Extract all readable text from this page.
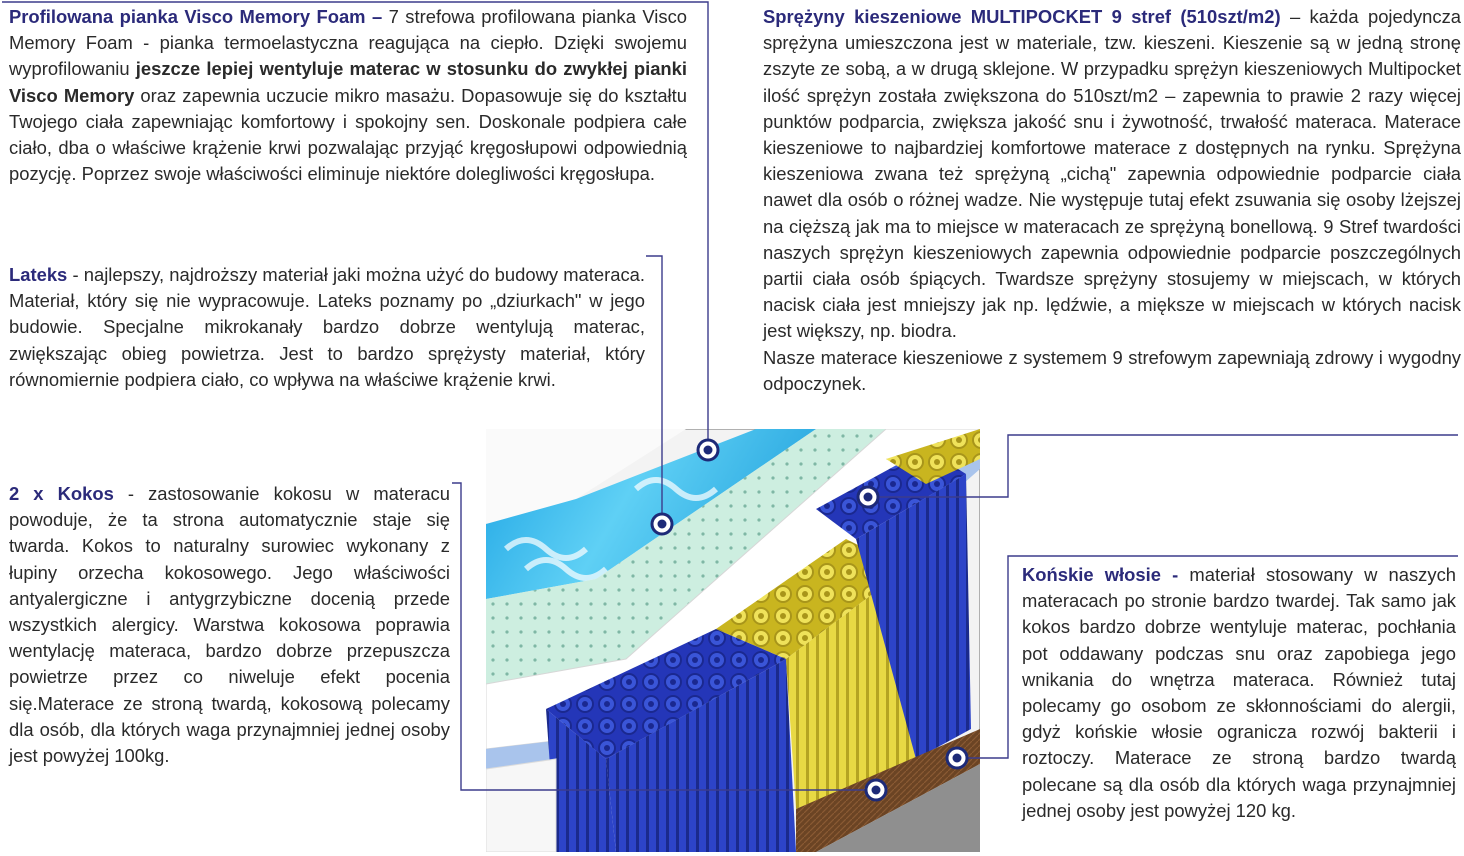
Profilowana pianka Visco Memory Foam – 7 strefowa profilowana pianka Visco Memory Foam - pianka termoelastyczna reagująca na ciepło. Dzięki swojemu wyprofilowaniu jeszcze lepiej wentyluje materac w stosunku do zwykłej pianki Visco Memory oraz zapewnia uczucie mikro masażu. Dopasowuje się do kształtu Twojego ciała zapewniając komfortowy i spokojny sen. Doskonale podpiera całe ciało, dba o właściwe krążenie krwi pozwalając przyjąć kręgosłupowi odpowiednią pozycję. Poprzez swoje właściwości eliminuje niektóre dolegliwości kręgosłupa.
Lateks - najlepszy, najdroższy materiał jaki można użyć do budowy materaca. Materiał, który się nie wypracowuje. Lateks poznamy po „dziurkach" w jego budowie. Specjalne mikrokanały bardzo dobrze wentylują materac, zwiększając obieg powietrza. Jest to bardzo sprężysty materiał, który równomiernie podpiera ciało, co wpływa na właściwe krążenie krwi.
2 x Kokos - zastosowanie kokosu w materacu powoduje, że ta strona automatycznie staje się twarda. Kokos to naturalny surowiec wykonany z łupiny orzecha kokosowego. Jego właściwości antyalergiczne i antygrzybiczne docenią przede wszystkich alergicy. Warstwa kokosowa poprawia wentylację materaca, bardzo dobrze przepuszcza powietrze przez co niweluje efekt pocenia się.Materace ze stroną twardą, kokosową polecamy dla osób, dla których waga przynajmniej jednej osoby jest powyżej 100kg.
Sprężyny kieszeniowe MULTIPOCKET 9 stref (510szt/m2) – każda pojedyncza sprężyna umieszczona jest w materiale, tzw. kieszeni. Kieszenie są w jedną stronę zszyte ze sobą, a w drugą sklejone. W przypadku sprężyn kieszeniowych Multipocket ilość sprężyn została zwiększona do 510szt/m2 – zapewnia to prawie 2 razy więcej punktów podparcia, zwiększa jakość snu i żywotność, trwałość materaca. Materace kieszeniowe to najbardziej komfortowe materace z dostępnych na rynku. Sprężyna kieszeniowa zwana też sprężyną „cichą" zapewnia odpowiednie podparcie ciała nawet dla osób o różnej wadze. Nie występuje tutaj efekt zsuwania się osoby lżejszej na cięższą jak ma to miejsce w materacach ze sprężyną bonellową. 9 Stref twardości naszych sprężyn kieszeniowych zapewnia odpowiednie podparcie poszczególnych partii ciała osób śpiących. Twardsze sprężyny stosujemy w miejscach, w których nacisk ciała jest mniejszy jak np. lędźwie, a miększe w miejscach w których nacisk jest większy, np. biodra.
Nasze materace kieszeniowe z systemem 9 strefowym zapewniają zdrowy i wygodny odpoczynek.
Końskie włosie - materiał stosowany w naszych materacach po stronie bardzo twardej. Tak samo jak kokos bardzo dobrze wentyluje materac, pochłania pot oddawany podczas snu oraz zapobiega jego wnikania do wnętrza materaca. Również tutaj polecamy go osobom ze skłonnościami do alergii, gdyż końskie włosie ogranicza rozwój bakterii i roztoczy. Materace ze stroną bardzo twardą polecane są dla osób dla których waga przynajmniej jednej osoby jest powyżej 120 kg.
